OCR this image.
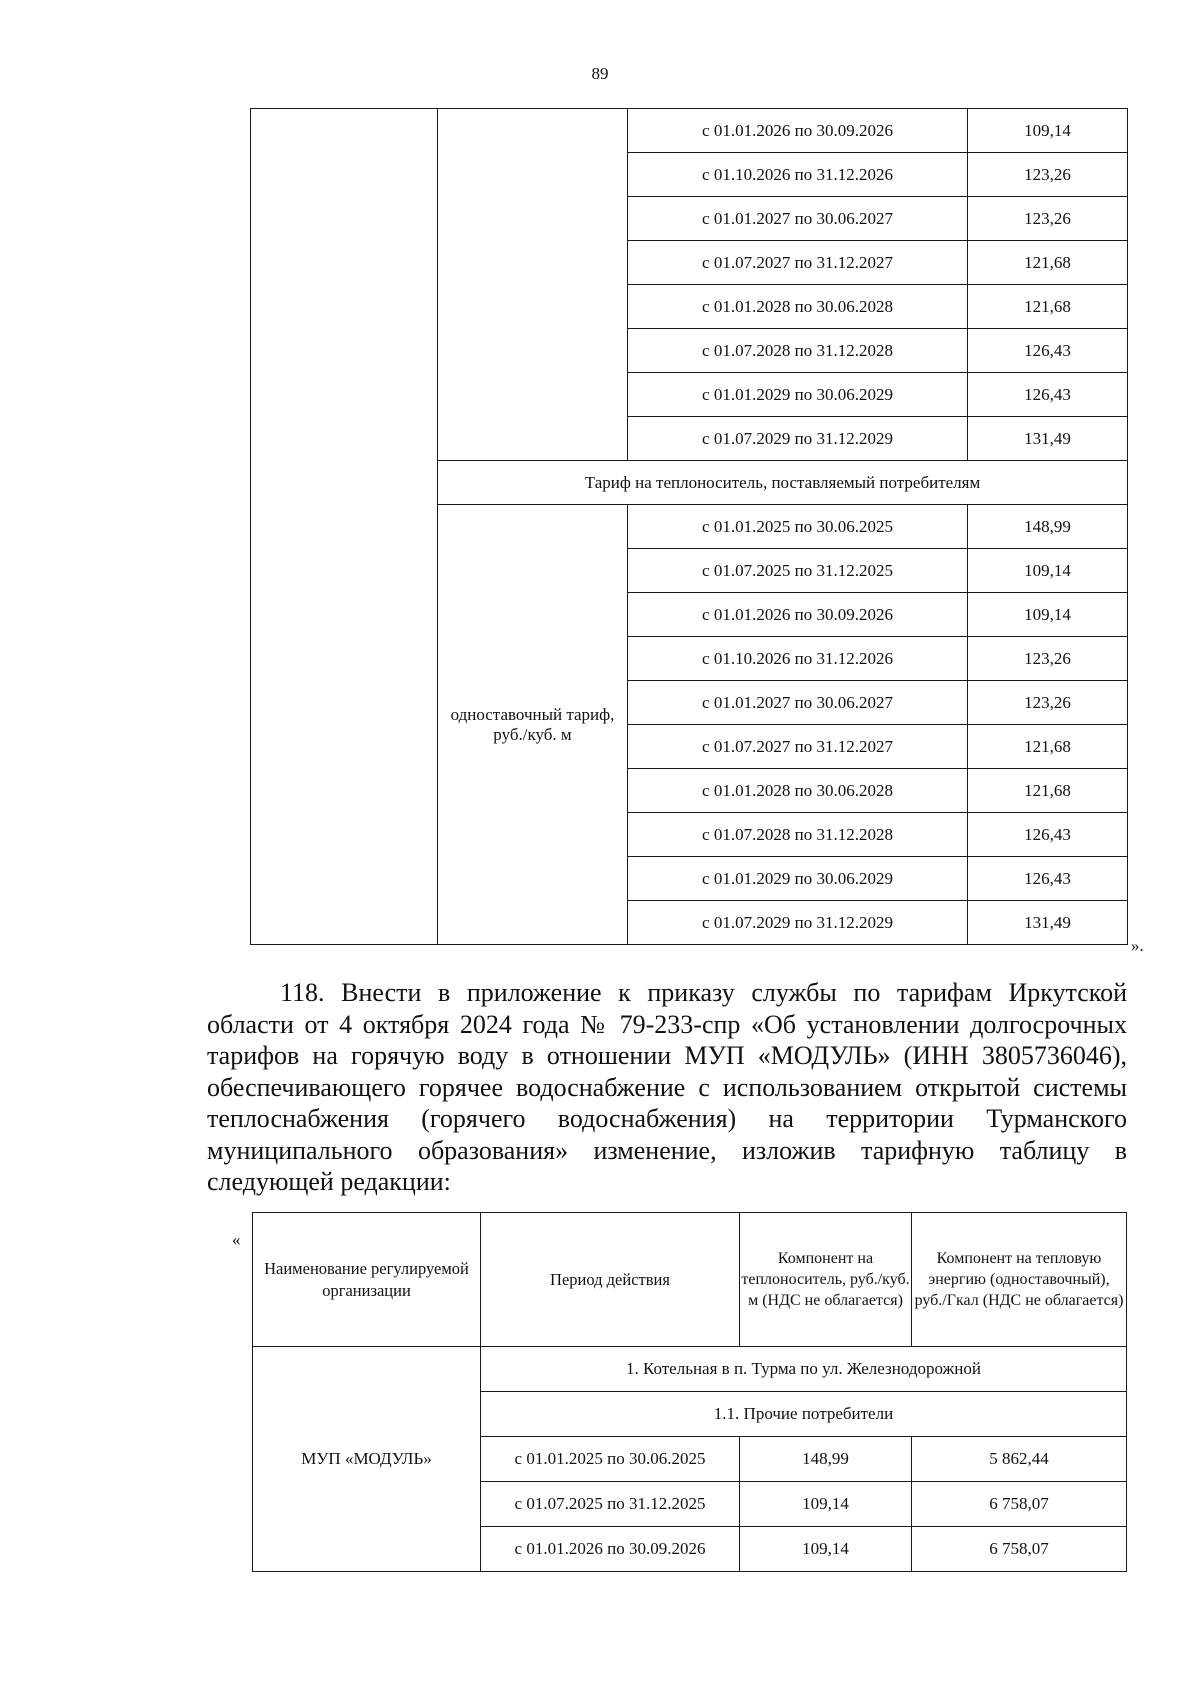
89
		с 01.01.2026 по 30.09.2026	109,14
		с 01.10.2026 по 31.12.2026	123,26
		с 01.01.2027 по 30.06.2027	123,26
		с 01.07.2027 по 31.12.2027	121,68
		с 01.01.2028 по 30.06.2028	121,68
		с 01.07.2028 по 31.12.2028	126,43
		с 01.01.2029 по 30.06.2029	126,43
		с 01.07.2029 по 31.12.2029	131,49
	Тариф на теплоноситель, поставляемый потребителям		
	одноставочный тариф, руб./куб. м	с 01.01.2025 по 30.06.2025	148,99
		с 01.07.2025 по 31.12.2025	109,14
		с 01.01.2026 по 30.09.2026	109,14
		с 01.10.2026 по 31.12.2026	123,26
		с 01.01.2027 по 30.06.2027	123,26
		с 01.07.2027 по 31.12.2027	121,68
		с 01.01.2028 по 30.06.2028	121,68
		с 01.07.2028 по 31.12.2028	126,43
		с 01.01.2029 по 30.06.2029	126,43
		с 01.07.2029 по 31.12.2029	131,49
».
118. Внести в приложение к приказу службы по тарифам Иркутской области от 4 октября 2024 года № 79-233-спр «Об установлении долгосрочных тарифов на горячую воду в отношении МУП «МОДУЛЬ» (ИНН 3805736046), обеспечивающего горячее водоснабжение с использованием открытой системы теплоснабжения (горячего водоснабжения) на территории Турманского муниципального образования» изменение, изложив тарифную таблицу в следующей редакции:
«
Наименование регулируемой организации	Период действия	Компонент на теплоноситель, руб./куб. м (НДС не облагается)	Компонент на тепловую энергию (одноставочный), руб./Гкал (НДС не облагается)
МУП «МОДУЛЬ»	1. Котельная в п. Турма по ул. Железнодорожной		
	1.1. Прочие потребители		
	с 01.01.2025 по 30.06.2025	148,99	5 862,44
	с 01.07.2025 по 31.12.2025	109,14	6 758,07
	с 01.01.2026 по 30.09.2026	109,14	6 758,07
